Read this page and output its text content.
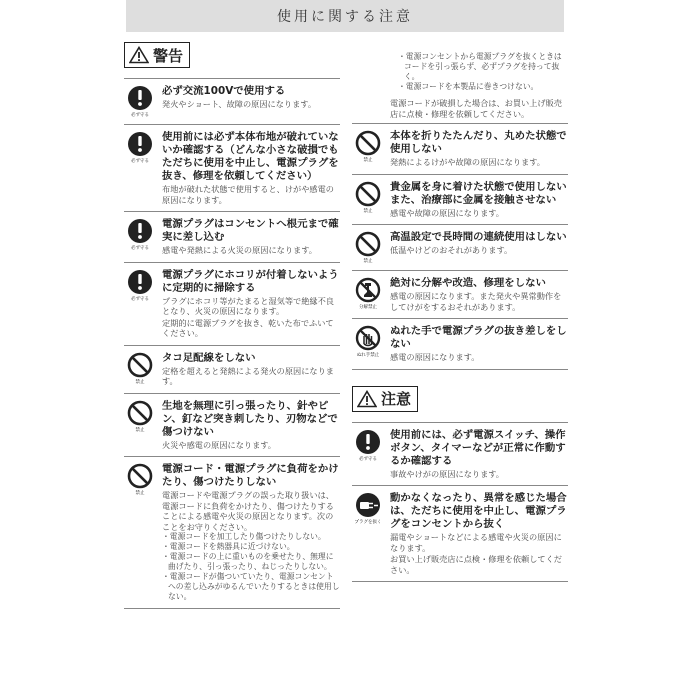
使用に関する注意
警告
必ず守る
必ず交流100Vで使用する
発火やショート、故障の原因になります。
必ず守る
使用前には必ず本体布地が破れていないか確認する（どんな小さな破損でもただちに使用を中止し、電源プラグを抜き、修理を依頼してください）
布地が破れた状態で使用すると、けがや感電の原因になります。
必ず守る
電源プラグはコンセントへ根元まで確実に差し込む
感電や発熱による火災の原因になります。
必ず守る
電源プラグにホコリが付着しないように定期的に掃除する
プラグにホコリ等がたまると湿気等で絶縁不良となり、火災の原因になります。
定期的に電源プラグを抜き、乾いた布でふいてください。
禁止
タコ足配線をしない
定格を超えると発熱による発火の原因になります。
禁止
生地を無理に引っ張ったり、針やピン、釘など突き刺したり、刃物などで傷つけない
火災や感電の原因になります。
禁止
電源コード・電源プラグに負荷をかけたり、傷つけたりしない
電源コードや電源プラグの誤った取り扱いは、電源コードに負荷をかけたり、傷つけたりすることによる感電や火災の原因となります。次のことをお守りください。
・電源コードを加工したり傷つけたりしない。
・電源コードを熱器具に近づけない。
・電源コードの上に重いものを乗せたり、無理に曲げたり、引っ張ったり、ねじったりしない。
・電源コードが傷ついていたり、電源コンセントへの差し込みがゆるんでいたりするときは使用しない。
・電源コンセントから電源プラグを抜くときはコードを引っ張らず、必ずプラグを持って抜く。
・電源コードを本製品に巻きつけない。
電源コードが破損した場合は、お買い上げ販売店に点検・修理を依頼してください。
禁止
本体を折りたたんだり、丸めた状態で使用しない
発熱によるけがや故障の原因になります。
禁止
貴金属を身に着けた状態で使用しない また、治療部に金属を接触させない
感電や故障の原因になります。
禁止
高温設定で長時間の連続使用はしない
低温やけどのおそれがあります。
分解禁止
絶対に分解や改造、修理をしない
感電の原因になります。また発火や異常動作をしてけがをするおそれがあります。
ぬれ手禁止
ぬれた手で電源プラグの抜き差しをしない
感電の原因になります。
注意
必ず守る
使用前には、必ず電源スイッチ、操作ボタン、タイマーなどが正常に作動するか確認する
事故やけがの原因になります。
プラグを抜く
動かなくなったり、異常を感じた場合は、ただちに使用を中止し、電源プラグをコンセントから抜く
漏電やショートなどによる感電や火災の原因になります。
お買い上げ販売店に点検・修理を依頼してください。
